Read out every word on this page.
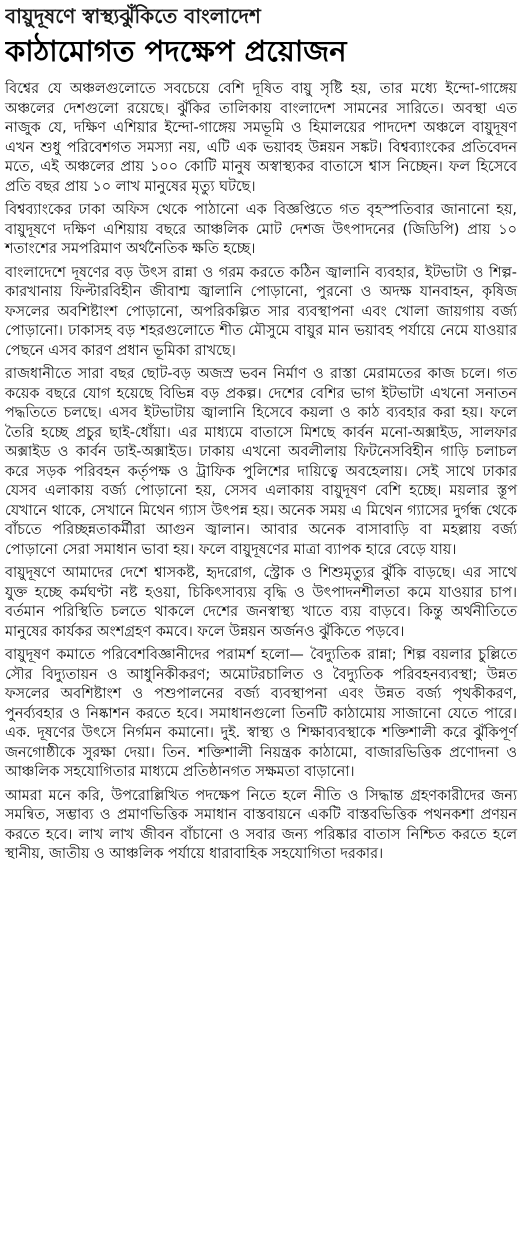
বায়ুদূষণে স্বাস্থ্যঝুঁকিতে বাংলাদেশ
কাঠামোগত পদক্ষেপ প্রয়োজন

বিশ্বের যে অঞ্চলগুলোতে সবচেয়ে বেশি দূষিত বায়ু সৃষ্টি হয়, তার মধ্যে ইন্দো-গাঙ্গেয় অঞ্চলের দেশগুলো রয়েছে। ঝুঁকির তালিকায় বাংলাদেশ সামনের সারিতে। অবস্থা এত নাজুক যে, দক্ষিণ এশিয়ার ইন্দো-গাঙ্গেয় সমভূমি ও হিমালয়ের পাদদেশ অঞ্চলে বায়ুদূষণ এখন শুধু পরিবেশগত সমস্যা নয়, এটি এক ভয়াবহ উন্নয়ন সঙ্কট। বিশ্বব্যাংকের প্রতিবেদন মতে, এই অঞ্চলের প্রায় ১০০ কোটি মানুষ অস্বাস্থ্যকর বাতাসে শ্বাস নিচ্ছেন। ফল হিসেবে প্রতি বছর প্রায় ১০ লাখ মানুষের মৃত্যু ঘটছে।

বিশ্বব্যাংকের ঢাকা অফিস থেকে পাঠানো এক বিজ্ঞপ্তিতে গত বৃহস্পতিবার জানানো হয়, বায়ুদূষণে দক্ষিণ এশিয়ায় বছরে আঞ্চলিক মোট দেশজ উৎপাদনের (জিডিপি) প্রায় ১০ শতাংশের সমপরিমাণ অর্থনৈতিক ক্ষতি হচ্ছে।

বাংলাদেশে দূষণের বড় উৎস রান্না ও গরম করতে কঠিন জ্বালানি ব্যবহার, ইটভাটা ও শিল্প-কারখানায় ফিল্টারবিহীন জীবাশ্ম জ্বালানি পোড়ানো, পুরনো ও অদক্ষ যানবাহন, কৃষিজ ফসলের অবশিষ্টাংশ পোড়ানো, অপরিকল্পিত সার ব্যবস্থাপনা এবং খোলা জায়গায় বর্জ্য পোড়ানো। ঢাকাসহ বড় শহরগুলোতে শীত মৌসুমে বায়ুর মান ভয়াবহ পর্যায়ে নেমে যাওয়ার পেছনে এসব কারণ প্রধান ভূমিকা রাখছে।

রাজধানীতে সারা বছর ছোট-বড় অজস্র ভবন নির্মাণ ও রাস্তা মেরামতের কাজ চলে। গত কয়েক বছরে যোগ হয়েছে বিভিন্ন বড় প্রকল্প। দেশের বেশির ভাগ ইটভাটা এখনো সনাতন পদ্ধতিতে চলছে। এসব ইটভাটায় জ্বালানি হিসেবে কয়লা ও কাঠ ব্যবহার করা হয়। ফলে তৈরি হচ্ছে প্রচুর ছাই-ধোঁয়া। এর মাধ্যমে বাতাসে মিশছে কার্বন মনো-অক্সাইড, সালফার অক্সাইড ও কার্বন ডাই-অক্সাইড। ঢাকায় এখনো অবলীলায় ফিটনেসবিহীন গাড়ি চলাচল করে সড়ক পরিবহন কর্তৃপক্ষ ও ট্রাফিক পুলিশের দায়িত্বে অবহেলায়। সেই সাথে ঢাকার যেসব এলাকায় বর্জ্য পোড়ানো হয়, সেসব এলাকায় বায়ুদূষণ বেশি হচ্ছে। ময়লার স্তূপ যেখানে থাকে, সেখানে মিথেন গ্যাস উৎপন্ন হয়। অনেক সময় এ মিথেন গ্যাসের দুর্গন্ধ থেকে বাঁচতে পরিচ্ছন্নতাকর্মীরা আগুন জ্বালান। আবার অনেক বাসাবাড়ি বা মহল্লায় বর্জ্য পোড়ানো সেরা সমাধান ভাবা হয়। ফলে বায়ুদূষণের মাত্রা ব্যাপক হারে বেড়ে যায়।

বায়ুদূষণে আমাদের দেশে শ্বাসকষ্ট, হৃদরোগ, স্ট্রোক ও শিশুমৃত্যুর ঝুঁকি বাড়ছে। এর সাথে যুক্ত হচ্ছে কর্মঘণ্টা নষ্ট হওয়া, চিকিৎসাব্যয় বৃদ্ধি ও উৎপাদনশীলতা কমে যাওয়ার চাপ। বর্তমান পরিস্থিতি চলতে থাকলে দেশের জনস্বাস্থ্য খাতে ব্যয় বাড়বে। কিন্তু অর্থনীতিতে মানুষের কার্যকর অংশগ্রহণ কমবে। ফলে উন্নয়ন অর্জনও ঝুঁকিতে পড়বে।

বায়ুদূষণ কমাতে পরিবেশবিজ্ঞানীদের পরামর্শ হলো— বৈদ্যুতিক রান্না; শিল্প বয়লার চুল্লিতে সৌর বিদ্যুতায়ন ও আধুনিকীকরণ; অমোটরচালিত ও বৈদ্যুতিক পরিবহনব্যবস্থা; উন্নত ফসলের অবশিষ্টাংশ ও পশুপালনের বর্জ্য ব্যবস্থাপনা এবং উন্নত বর্জ্য পৃথকীকরণ, পুনর্ব্যবহার ও নিষ্কাশন করতে হবে। সমাধানগুলো তিনটি কাঠামোয় সাজানো যেতে পারে। এক. দূষণের উৎসে নির্গমন কমানো। দুই. স্বাস্থ্য ও শিক্ষাব্যবস্থাকে শক্তিশালী করে ঝুঁকিপূর্ণ জনগোষ্ঠীকে সুরক্ষা দেয়া। তিন. শক্তিশালী নিয়ন্ত্রক কাঠামো, বাজারভিত্তিক প্রণোদনা ও আঞ্চলিক সহযোগিতার মাধ্যমে প্রতিষ্ঠানগত সক্ষমতা বাড়ানো।

আমরা মনে করি, উপরোল্লিখিত পদক্ষেপ নিতে হলে নীতি ও সিদ্ধান্ত গ্রহণকারীদের জন্য সমন্বিত, সম্ভাব্য ও প্রমাণভিত্তিক সমাধান বাস্তবায়নে একটি বাস্তবভিত্তিক পথনকশা প্রণয়ন করতে হবে। লাখ লাখ জীবন বাঁচানো ও সবার জন্য পরিষ্কার বাতাস নিশ্চিত করতে হলে স্থানীয়, জাতীয় ও আঞ্চলিক পর্যায়ে ধারাবাহিক সহযোগিতা দরকার।
